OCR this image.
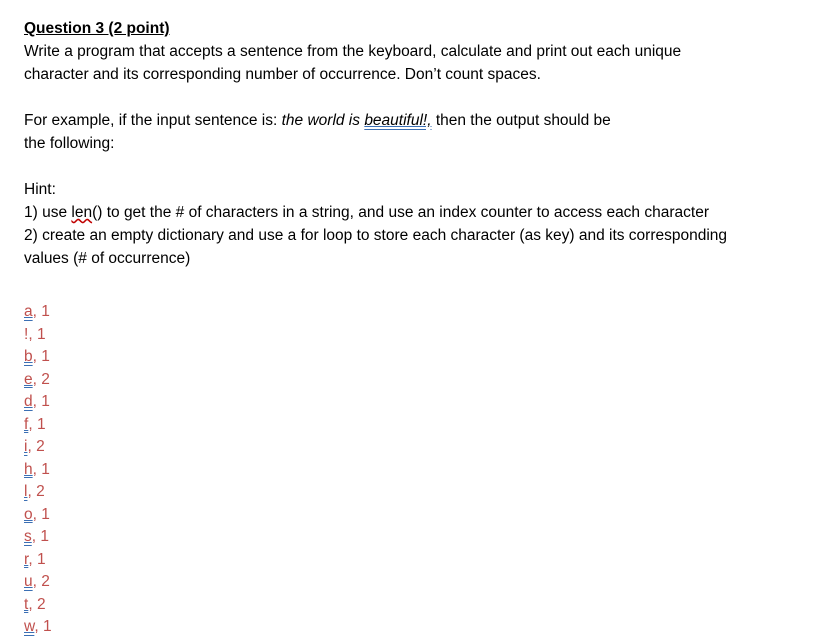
Question 3 (2 point)

Write a program that accepts a sentence from the keyboard, calculate and print out each unique

character and its corresponding number of occurrence. Don’t count spaces.

For example, if the input sentence is: the world is beautiful!, then the output should be

the following:

Hint:

1) use len() to get the # of characters in a string, and use an index counter to access each character

2) create an empty dictionary and use a for loop to store each character (as key) and its corresponding

values (# of occurrence)

a, 1
!, 1
b, 1
e, 2
d, 1
f, 1
i, 2
h, 1
l, 2
o, 1
s, 1
r, 1
u, 2
t, 2
w, 1
